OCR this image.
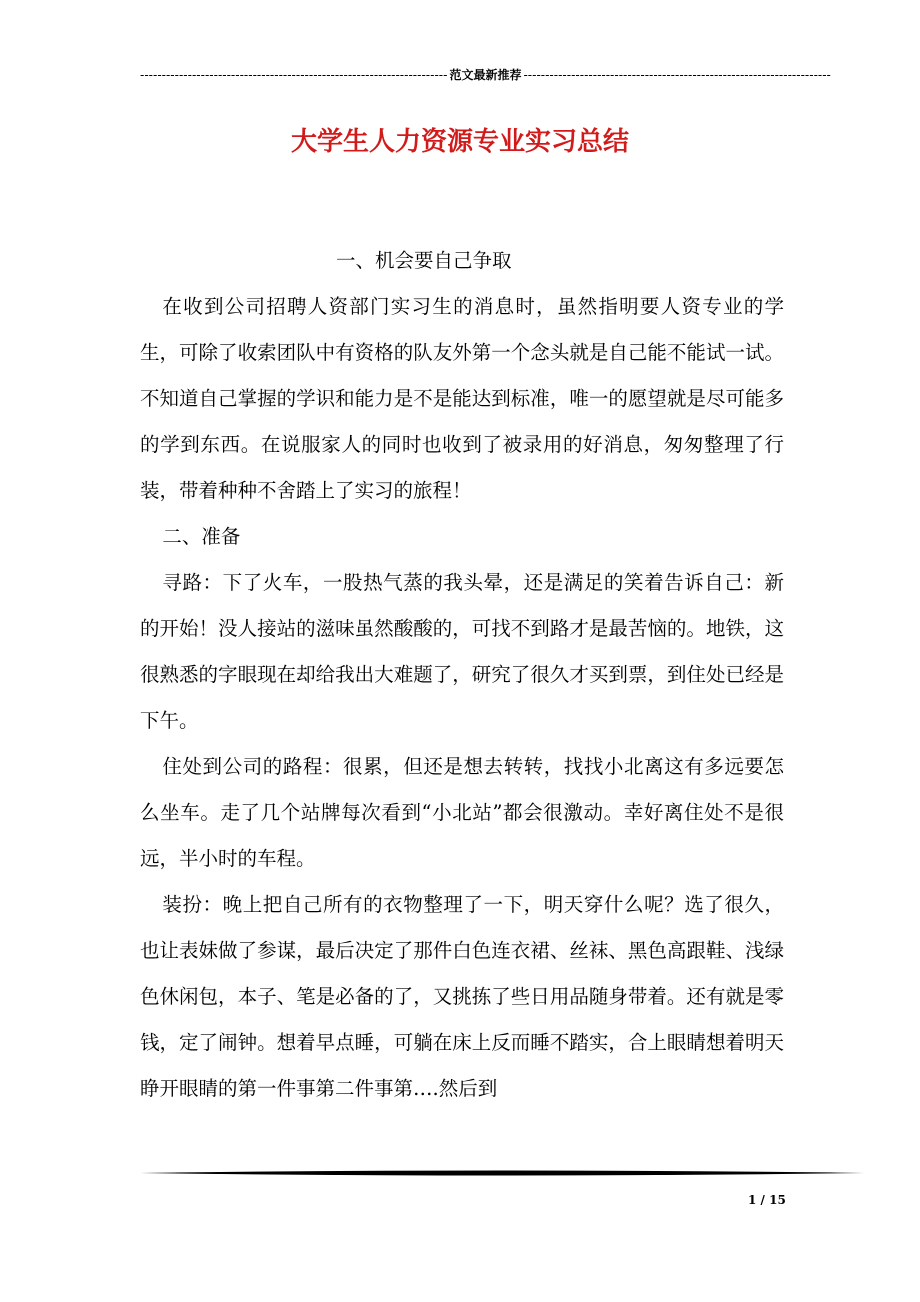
----------------------------------------------------------------------- 范文最新推荐 -----------------------------------------------------------------------
大学生人力资源专业实习总结

一、机会要自己争取

在收到公司招聘人资部门实习生的消息时，虽然指明要人资专业的学生，可除了收索团队中有资格的队友外第一个念头就是自己能不能试一试。不知道自己掌握的学识和能力是不是能达到标准，唯一的愿望就是尽可能多的学到东西。在说服家人的同时也收到了被录用的好消息，匆匆整理了行装，带着种种不舍踏上了实习的旅程！

二、准备

寻路：下了火车，一股热气蒸的我头晕，还是满足的笑着告诉自己：新的开始！没人接站的滋味虽然酸酸的，可找不到路才是最苦恼的。地铁，这很熟悉的字眼现在却给我出大难题了，研究了很久才买到票，到住处已经是下午。

住处到公司的路程：很累，但还是想去转转，找找小北离这有多远要怎么坐车。走了几个站牌每次看到“小北站”都会很激动。幸好离住处不是很远，半小时的车程。

装扮：晚上把自己所有的衣物整理了一下，明天穿什么呢？选了很久，也让表妹做了参谋，最后决定了那件白色连衣裙、丝袜、黑色高跟鞋、浅绿色休闲包，本子、笔是必备的了，又挑拣了些日用品随身带着。还有就是零钱，定了闹钟。想着早点睡，可躺在床上反而睡不踏实，合上眼睛想着明天睁开眼睛的第一件事第二件事第….然后到

1 / 15
